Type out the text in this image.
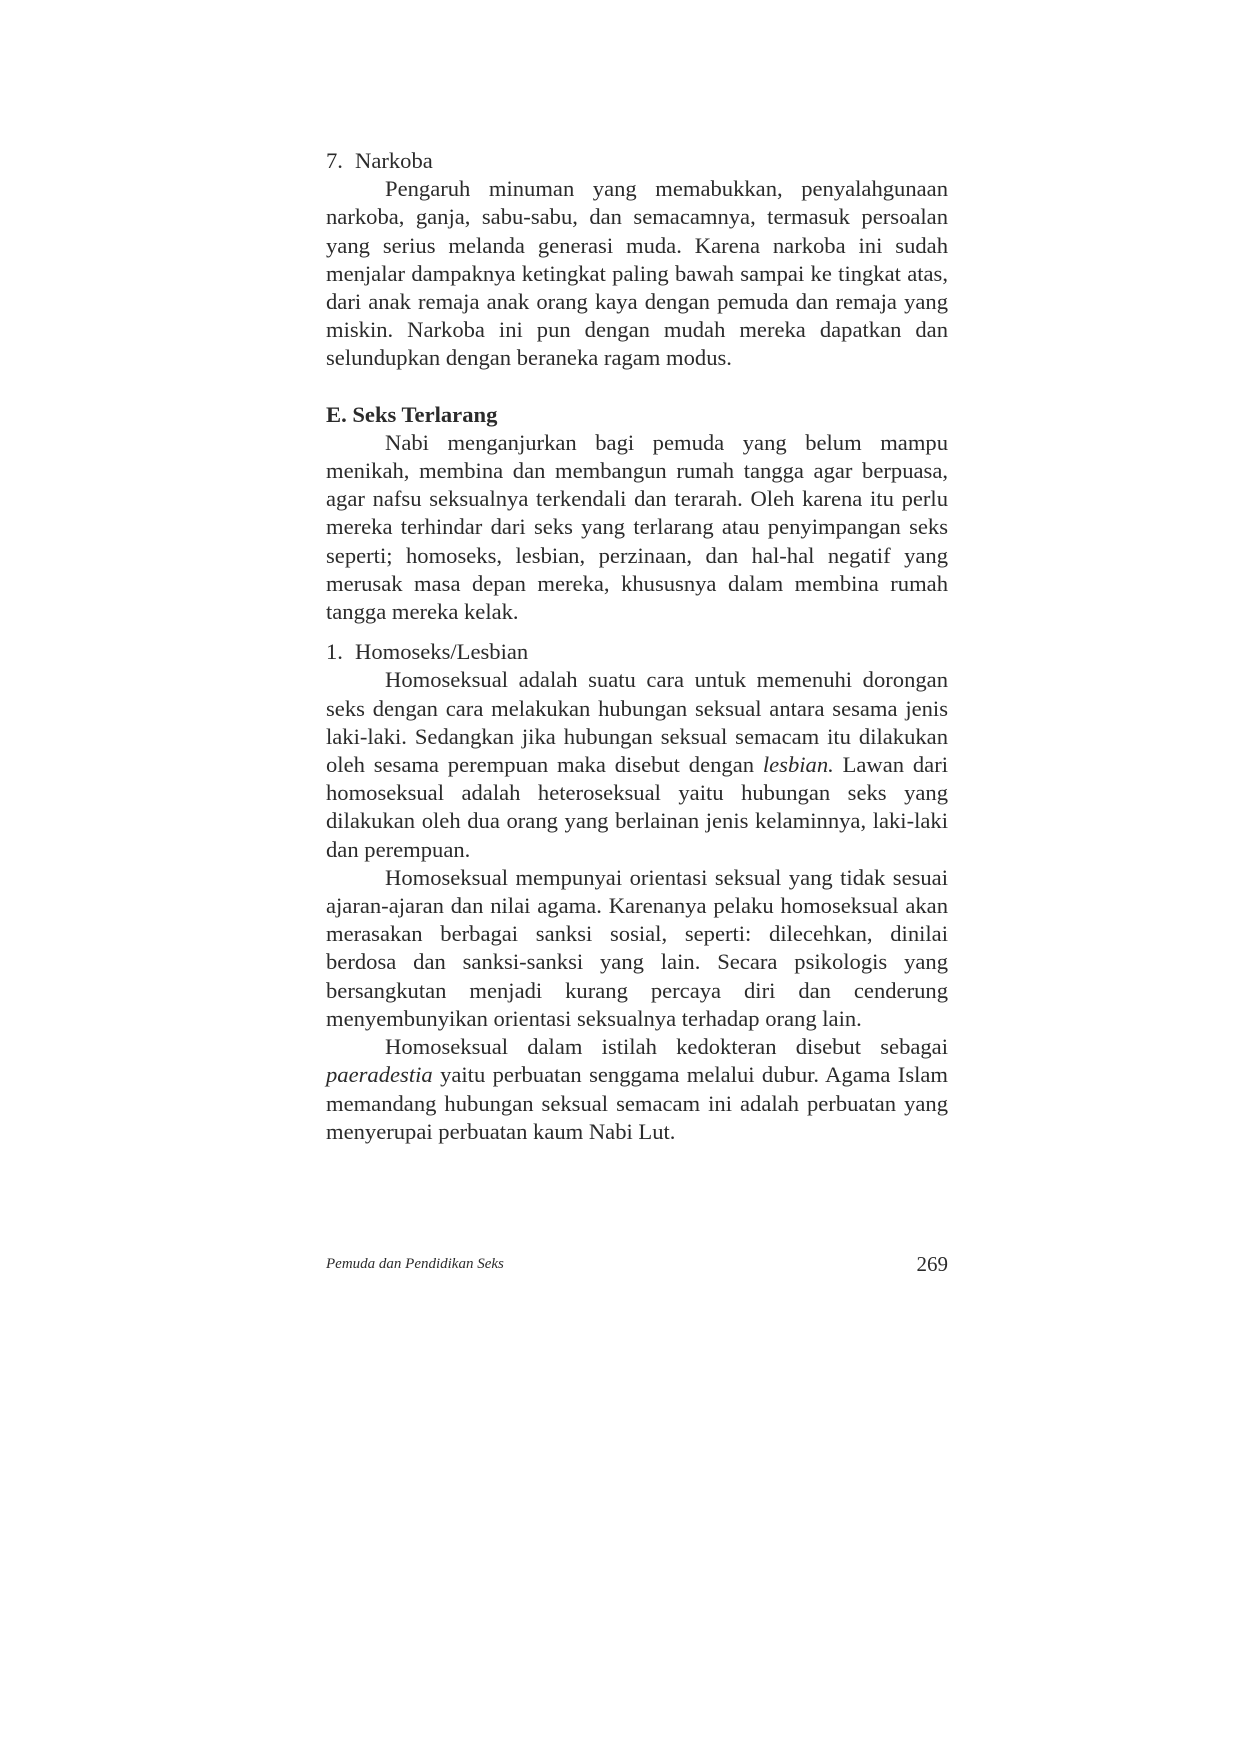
7. Narkoba

Pengaruh minuman yang memabukkan, penyalahgunaan narkoba, ganja, sabu-sabu, dan semacamnya, termasuk persoalan yang serius melanda generasi muda. Karena narkoba ini sudah menjalar dampaknya ketingkat paling bawah sampai ke tingkat atas, dari anak remaja anak orang kaya dengan pemuda dan remaja yang miskin. Narkoba ini pun dengan mudah mereka dapatkan dan selundupkan dengan beraneka ragam modus.

E. Seks Terlarang

Nabi menganjurkan bagi pemuda yang belum mampu menikah, membina dan membangun rumah tangga agar berpuasa, agar nafsu seksualnya terkendali dan terarah. Oleh karena itu perlu mereka terhindar dari seks yang terlarang atau penyimpangan seks seperti; homoseks, lesbian, perzinaan, dan hal-hal negatif yang merusak masa depan mereka, khususnya dalam membina rumah tangga mereka kelak.

1. Homoseks/Lesbian

Homoseksual adalah suatu cara untuk memenuhi dorongan seks dengan cara melakukan hubungan seksual antara sesama jenis laki-laki. Sedangkan jika hubungan seksual semacam itu dilakukan oleh sesama perempuan maka disebut dengan lesbian. Lawan dari homoseksual adalah heteroseksual yaitu hubungan seks yang dilakukan oleh dua orang yang berlainan jenis kelaminnya, laki-laki dan perempuan.

Homoseksual mempunyai orientasi seksual yang tidak sesuai ajaran-ajaran dan nilai agama. Karenanya pelaku homoseksual akan merasakan berbagai sanksi sosial, seperti: dilecehkan, dinilai berdosa dan sanksi-sanksi yang lain. Secara psikologis yang bersangkutan menjadi kurang percaya diri dan cenderung menyembunyikan orientasi seksualnya terhadap orang lain.

Homoseksual dalam istilah kedokteran disebut sebagai paeradestia yaitu perbuatan senggama melalui dubur. Agama Islam memandang hubungan seksual semacam ini adalah perbuatan yang menyerupai perbuatan kaum Nabi Lut.

Pemuda dan Pendidikan Seks	269
